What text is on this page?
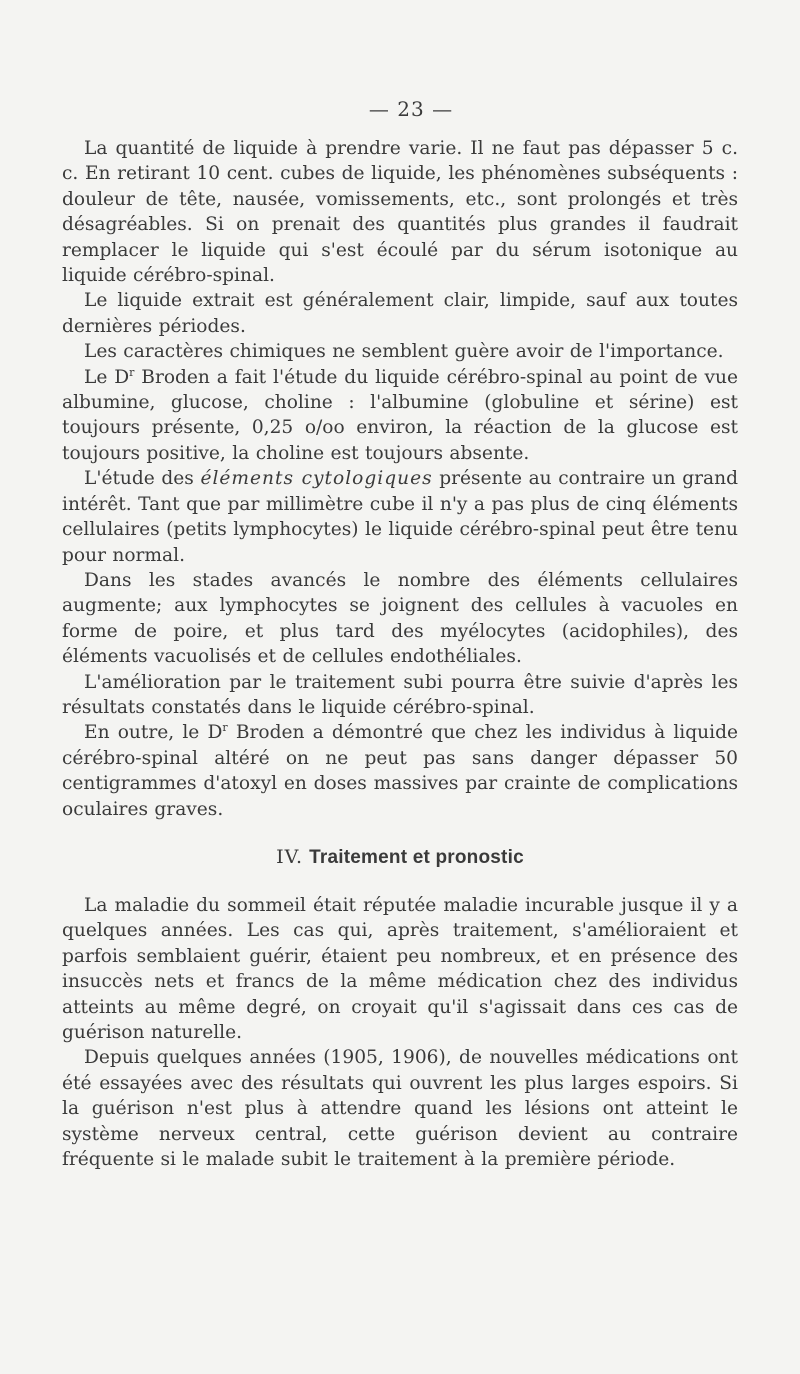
— 23 —

La quantité de liquide à prendre varie. Il ne faut pas dépasser 5 c. c. En retirant 10 cent. cubes de liquide, les phénomènes subséquents : douleur de tête, nausée, vomissements, etc., sont prolongés et très désagréables. Si on prenait des quantités plus grandes il faudrait remplacer le liquide qui s'est écoulé par du sérum isotonique au liquide cérébro-spinal.

Le liquide extrait est généralement clair, limpide, sauf aux toutes dernières périodes.

Les caractères chimiques ne semblent guère avoir de l'importance.

Le $D^r$ Broden a fait l'étude du liquide cérébro-spinal au point de vue albumine, glucose, choline : l'albumine (globuline et sérine) est toujours présente, 0,25 o/oo environ, la réaction de la glucose est toujours positive, la choline est toujours absente.

L'étude des éléments cytologiques présente au contraire un grand intérêt. Tant que par millimètre cube il n'y a pas plus de cinq éléments cellulaires (petits lymphocytes) le liquide cérébro-spinal peut être tenu pour normal.

Dans les stades avancés le nombre des éléments cellulaires augmente; aux lymphocytes se joignent des cellules à vacuoles en forme de poire, et plus tard des myélocytes (acidophiles), des éléments vacuolisés et de cellules endothéliales.

L'amélioration par le traitement subi pourra être suivie d'après les résultats constatés dans le liquide cérébro-spinal.

En outre, le $D^r$ Broden a démontré que chez les individus à liquide cérébro-spinal altéré on ne peut pas sans danger dépasser 50 centigrammes d'atoxyl en doses massives par crainte de complications oculaires graves.

IV. Traitement et pronostic

La maladie du sommeil était réputée maladie incurable jusque il y a quelques années. Les cas qui, après traitement, s'amélioraient et parfois semblaient guérir, étaient peu nombreux, et en présence des insuccès nets et francs de la même médication chez des individus atteints au même degré, on croyait qu'il s'agissait dans ces cas de guérison naturelle.

Depuis quelques années (1905, 1906), de nouvelles médications ont été essayées avec des résultats qui ouvrent les plus larges espoirs. Si la guérison n'est plus à attendre quand les lésions ont atteint le système nerveux central, cette guérison devient au contraire fréquente si le malade subit le traitement à la première période.
